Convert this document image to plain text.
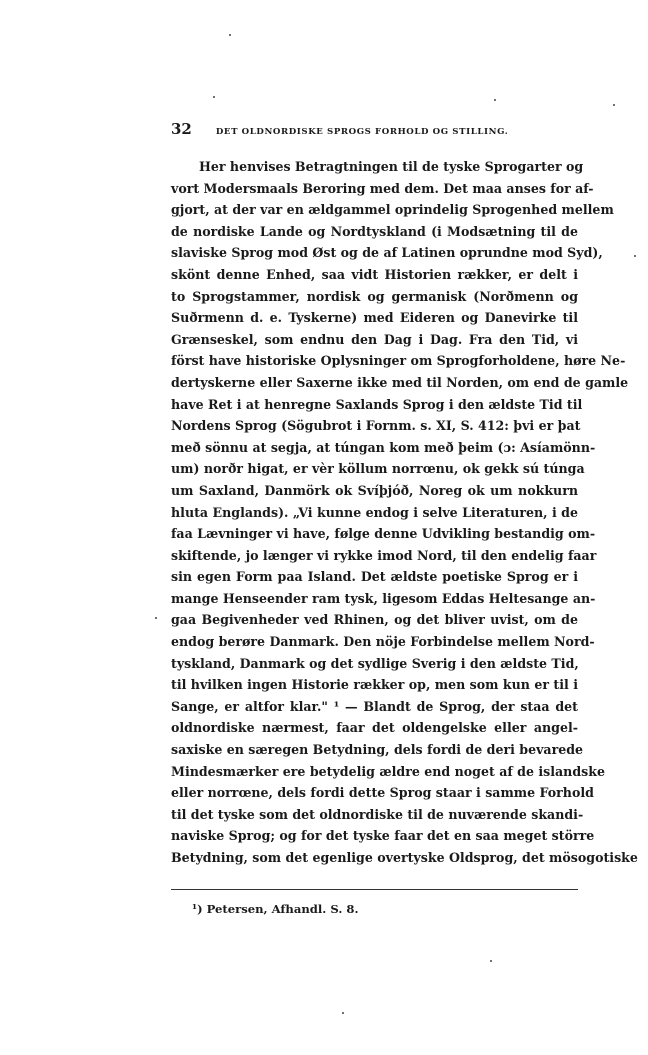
32	DET OLDNORDISKE SPROGS FORHOLD OG STILLING.
Her henvises Betragtningen til de tyske Sprogarter og
vort Modersmaals Beroring med dem. Det maa anses for af-
gjort, at der var en ældgammel oprindelig Sprogenhed mellem
de nordiske Lande og Nordtyskland (i Modsætning til de
slaviske Sprog mod Øst og de af Latinen oprundne mod Syd),
skönt denne Enhed, saa vidt Historien rækker, er delt i
to Sprogstammer, nordisk og germanisk (Norðmenn og
Suðrmenn d. e. Tyskerne) med Eideren og Danevirke til
Grænseskel, som endnu den Dag i Dag. Fra den Tid, vi
först have historiske Oplysninger om Sprogforholdene, høre Ne-
dertyskerne eller Saxerne ikke med til Norden, om end de gamle
have Ret i at henregne Saxlands Sprog i den ældste Tid til
Nordens Sprog (Sögubrot i Fornm. s. XI, S. 412: þvi er þat
með sönnu at segja, at túngan kom með þeim (ɔ: Asíamönn-
um) norðr higat, er vèr köllum norrœnu, ok gekk sú túnga
um Saxland, Danmörk ok Svíþjóð, Noreg ok um nokkurn
hluta Englands). „Vi kunne endog i selve Literaturen, i de
faa Lævninger vi have, følge denne Udvikling bestandig om-
skiftende, jo længer vi rykke imod Nord, til den endelig faar
sin egen Form paa Island. Det ældste poetiske Sprog er i
mange Henseender ram tysk, ligesom Eddas Heltesange an-
gaa Begivenheder ved Rhinen, og det bliver uvist, om de
endog berøre Danmark. Den nöje Forbindelse mellem Nord-
tyskland, Danmark og det sydlige Sverig i den ældste Tid,
til hvilken ingen Historie rækker op, men som kun er til i
Sange, er altfor klar." ¹ — Blandt de Sprog, der staa det
oldnordiske nærmest, faar det oldengelske eller angel-
saxiske en særegen Betydning, dels fordi de deri bevarede
Mindesmærker ere betydelig ældre end noget af de islandske
eller norrœne, dels fordi dette Sprog staar i samme Forhold
til det tyske som det oldnordiske til de nuværende skandi-
naviske Sprog; og for det tyske faar det en saa meget större
Betydning, som det egenlige overtyske Oldsprog, det mösogotiske
¹) Petersen, Afhandl. S. 8.
